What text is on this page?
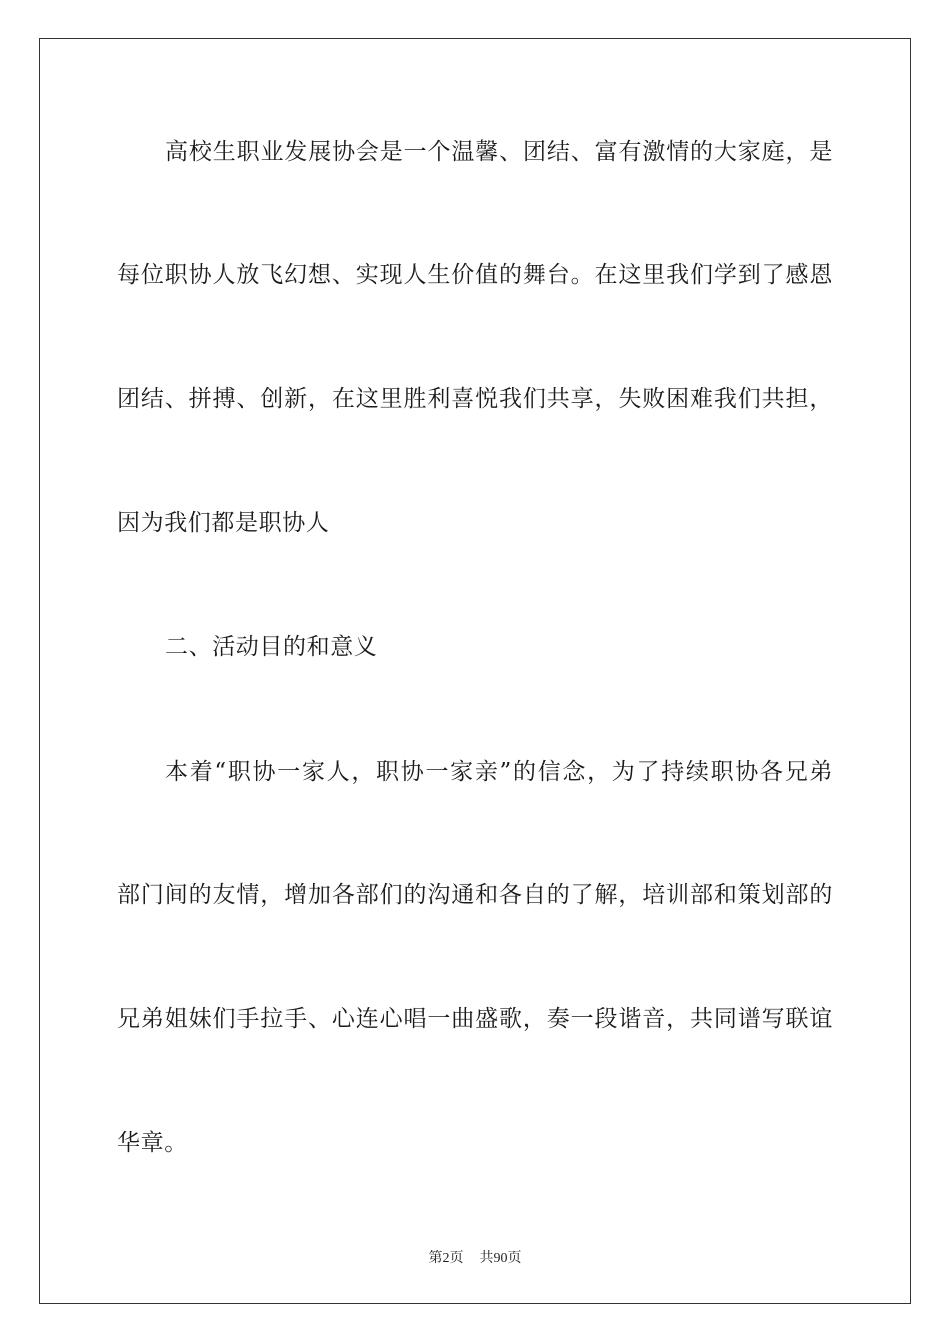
高校生职业发展协会是一个温馨、团结、富有激情的大家庭，是
每位职协人放飞幻想、实现人生价值的舞台。在这里我们学到了感恩
团结、拼搏、创新，在这里胜利喜悦我们共享，失败困难我们共担，
因为我们都是职协人
二、活动目的和意义
本着“职协一家人，职协一家亲”的信念，为了持续职协各兄弟
部门间的友情，增加各部们的沟通和各自的了解，培训部和策划部的
兄弟姐妹们手拉手、心连心唱一曲盛歌，奏一段谐音，共同谱写联谊
华章。
第2页 共90页
